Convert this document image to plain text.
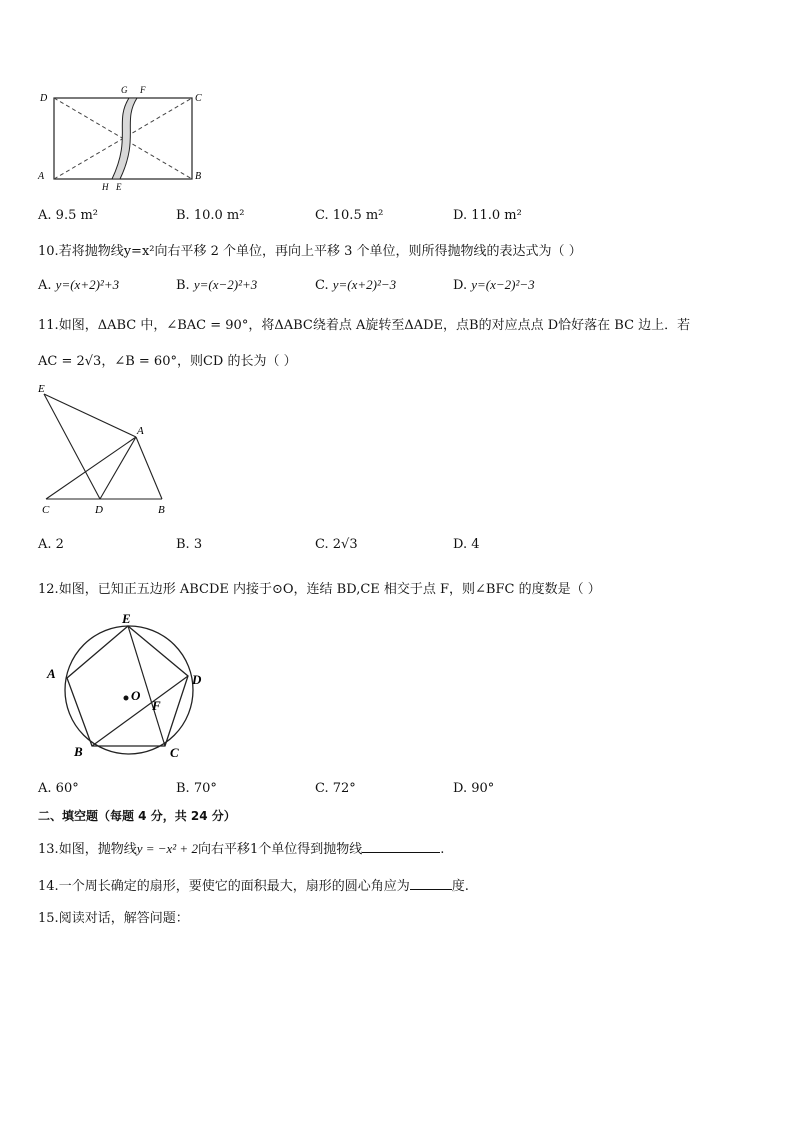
D	C
A	B
G F
H E
A. 9.5 m²	B. 10.0 m²	C. 10.5 m²	D. 11.0 m²
10.若将抛物线y=x²向右平移 2 个单位，再向上平移 3 个单位，则所得抛物线的表达式为（ ）
A. y=(x+2)²+3	B. y=(x−2)²+3	C. y=(x+2)²−3	D. y=(x−2)²−3
11.如图，ΔABC 中，∠BAC = 90°，将ΔABC绕着点 A旋转至ΔADE，点B的对应点点 D恰好落在 BC 边上．若
AC = 2√3，∠B = 60°，则CD 的长为（ ）
E
A
C	D	B
A. 2	B. 3	C. 2√3	D. 4
12.如图，已知正五边形 ABCDE 内接于⊙O，连结 BD,CE 相交于点 F，则∠BFC 的度数是（ ）
E
A	D
O
F
B	C
A. 60°	B. 70°	C. 72°	D. 90°
二、填空题（每题 4 分，共 24 分）
13.如图，抛物线y = −x² + 2向右平移1个单位得到抛物线	.
14.一个周长确定的扇形，要使它的面积最大，扇形的圆心角应为	度.
15.阅读对话，解答问题：
